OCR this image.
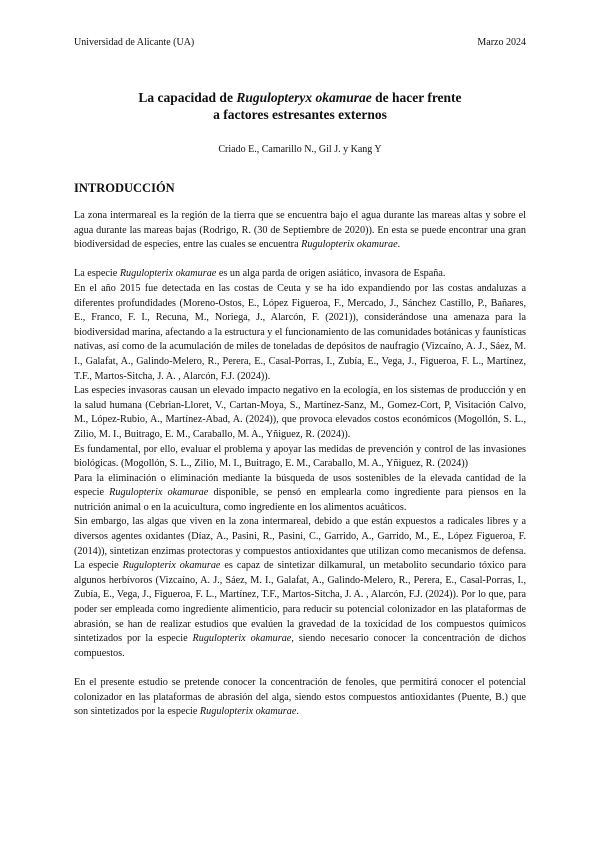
Universidad de Alicante (UA)	Marzo 2024
La capacidad de Rugulopteryx okamurae de hacer frente
a factores estresantes externos
Criado E., Camarillo N., Gil J. y Kang Y
INTRODUCCIÓN

La zona intermareal es la región de la tierra que se encuentra bajo el agua durante las mareas altas y sobre el agua durante las mareas bajas (Rodrigo, R. (30 de Septiembre de 2020)). En esta se puede encontrar una gran biodiversidad de especies, entre las cuales se encuentra Rugulopterix okamurae.

La especie Rugulopterix okamurae es un alga parda de origen asiático, invasora de España.

En el año 2015 fue detectada en las costas de Ceuta y se ha ido expandiendo por las costas andaluzas a diferentes profundidades (Moreno-Ostos, E., López Figueroa, F., Mercado, J., Sánchez Castillo, P., Bañares, E., Franco, F. I., Recuna, M., Noriega, J., Alarcón, F. (2021)), considerándose una amenaza para la biodiversidad marina, afectando a la estructura y el funcionamiento de las comunidades botánicas y faunísticas nativas, así como de la acumulación de miles de toneladas de depósitos de naufragio (Vizcaíno, A. J., Sáez, M. I., Galafat, A., Galindo-Melero, R., Perera, E., Casal-Porras, I., Zubía, E., Vega, J., Figueroa, F. L., Martínez, T.F., Martos-Sitcha, J. A. , Alarcón, F.J. (2024)).

Las especies invasoras causan un elevado impacto negativo en la ecología, en los sistemas de producción y en la salud humana (Cebrian-Lloret, V., Cartan-Moya, S., Martínez-Sanz, M., Gomez-Cort, P, Visitación Calvo, M., López-Rubio, A., Martínez-Abad, A. (2024)), que provoca elevados costos económicos (Mogollón, S. L., Zilio, M. I., Buitrago, E. M., Caraballo, M. A., Yñiguez, R. (2024)).

Es fundamental, por ello, evaluar el problema y apoyar las medidas de prevención y control de las invasiones biológicas. (Mogollón, S. L., Zilio, M. I., Buitrago, E. M., Caraballo, M. A., Yñiguez, R. (2024))

Para la eliminación o eliminación mediante la búsqueda de usos sostenibles de la elevada cantidad de la especie Rugulopterix okamurae disponible, se pensó en emplearla como ingrediente para piensos en la nutrición animal o en la acuicultura, como ingrediente en los alimentos acuáticos.

Sin embargo, las algas que viven en la zona intermareal, debido a que están expuestos a radicales libres y a diversos agentes oxidantes (Díaz, A., Pasini, R., Pasini, C., Garrido, A., Garrido, M., E., López Figueroa, F. (2014)), sintetizan enzimas protectoras y compuestos antioxidantes que utilizan como mecanismos de defensa. La especie Rugulopterix okamurae es capaz de sintetizar dilkamural, un metabolito secundario tóxico para algunos herbívoros (Vizcaíno, A. J., Sáez, M. I., Galafat, A., Galindo-Melero, R., Perera, E., Casal-Porras, I., Zubía, E., Vega, J., Figueroa, F. L., Martínez, T.F., Martos-Sitcha, J. A. , Alarcón, F.J. (2024)). Por lo que, para poder ser empleada como ingrediente alimenticio, para reducir su potencial colonizador en las plataformas de abrasión, se han de realizar estudios que evalúen la gravedad de la toxicidad de los compuestos químicos sintetizados por la especie Rugulopterix okamurae, siendo necesario conocer la concentración de dichos compuestos.

En el presente estudio se pretende conocer la concentración de fenoles, que permitirá conocer el potencial colonizador en las plataformas de abrasión del alga, siendo estos compuestos antioxidantes (Puente, B.) que son sintetizados por la especie Rugulopterix okamurae.
